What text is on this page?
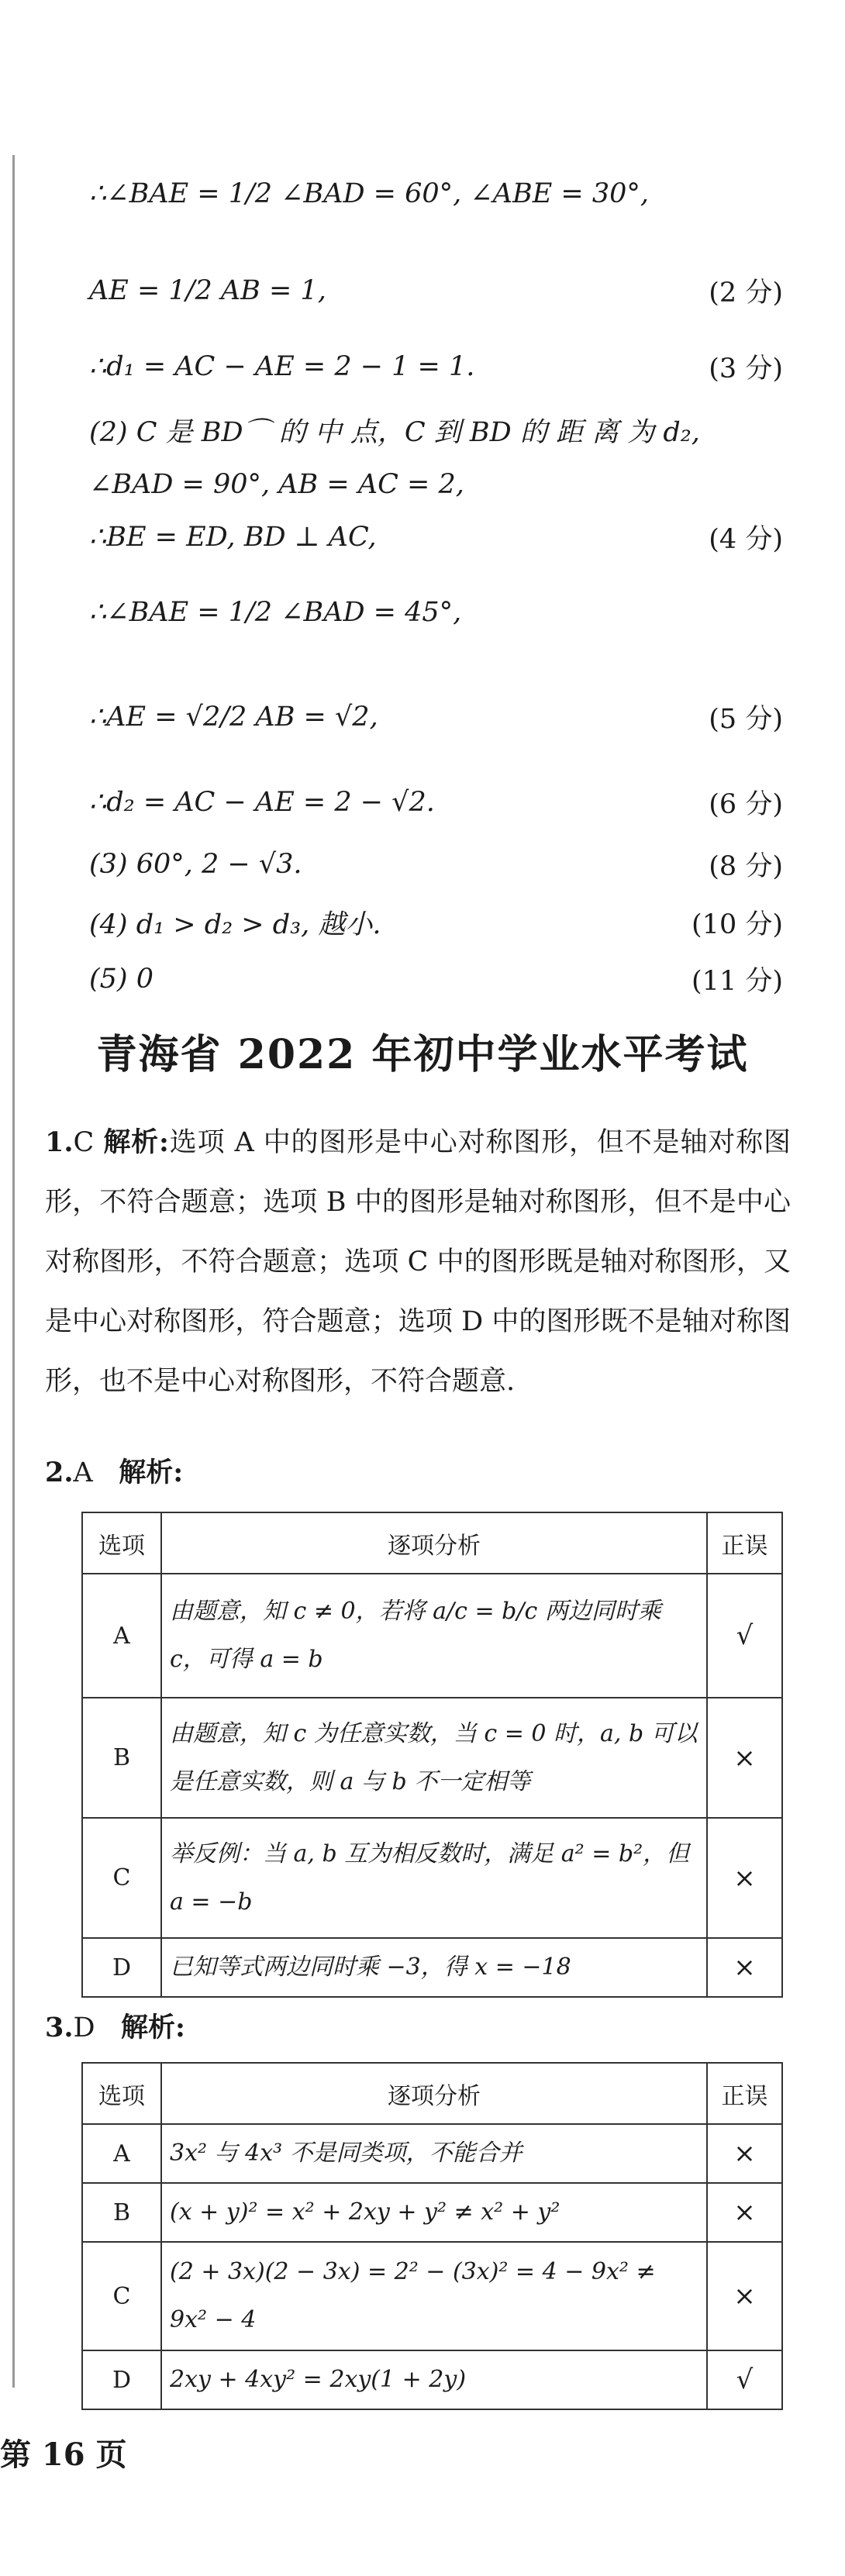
∴∠BAE = 1/2 ∠BAD = 60°, ∠ABE = 30°,
AE = 1/2 AB = 1,	(2 分)
∴d₁ = AC − AE = 2 − 1 = 1.	(3 分)
(2) C 是 BD⌒ 的 中 点，C 到 BD 的 距 离 为 d₂,
∠BAD = 90°, AB = AC = 2,
∴BE = ED, BD ⊥ AC,	(4 分)
∴∠BAE = 1/2 ∠BAD = 45°,
∴AE = √2/2 AB = √2,	(5 分)
∴d₂ = AC − AE = 2 − √2.	(6 分)
(3) 60°, 2 − √3.	(8 分)
(4) d₁ > d₂ > d₃, 越小.	(10 分)
(5) 0	(11 分)
青海省 2022 年初中学业水平考试
1.C 解析:选项 A 中的图形是中心对称图形，但不是轴对称图形，不符合题意；选项 B 中的图形是轴对称图形，但不是中心对称图形，不符合题意；选项 C 中的图形既是轴对称图形，又是中心对称图形，符合题意；选项 D 中的图形既不是轴对称图形，也不是中心对称图形，不符合题意.
2.A 解析:
选项	逐项分析	正误
A	由题意，知 c ≠ 0，若将 a/c = b/c 两边同时乘 c，可得 a = b	√
B	由题意，知 c 为任意实数，当 c = 0 时，a, b 可以是任意实数，则 a 与 b 不一定相等	×
C	举反例：当 a, b 互为相反数时，满足 a² = b²，但 a = −b	×
D	已知等式两边同时乘 −3，得 x = −18	×
3.D 解析:
选项	逐项分析	正误
A	3x² 与 4x³ 不是同类项，不能合并	×
B	(x + y)² = x² + 2xy + y² ≠ x² + y²	×
C	(2 + 3x)(2 − 3x) = 2² − (3x)² = 4 − 9x² ≠ 9x² − 4	×
D	2xy + 4xy² = 2xy(1 + 2y)	√
第 16 页
